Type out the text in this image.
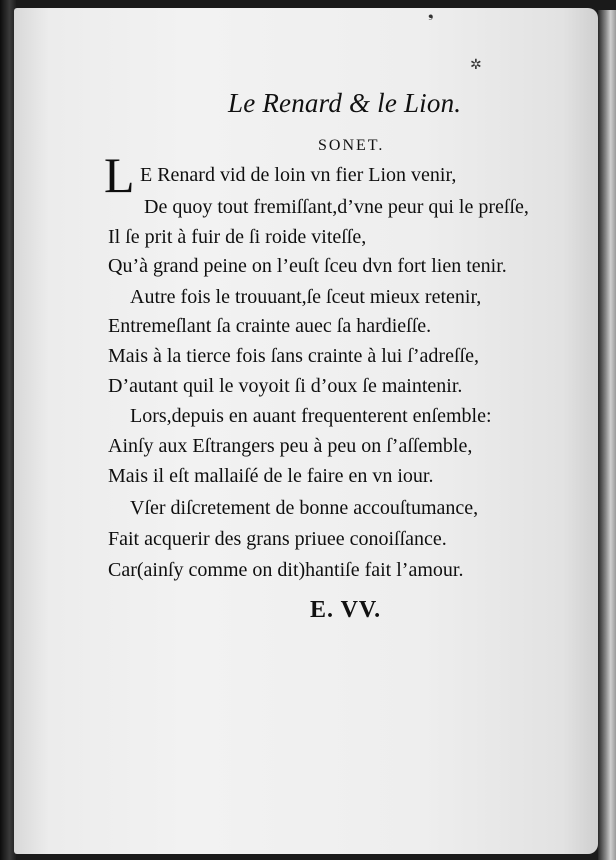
❟
✲
Le Renard & le Lion.
SONET.
L E Renard vid de loin vn fier Lion venir,
De quoy tout fremiſſant,d’vne peur qui le preſſe,
Il ſe prit à fuir de ſi roide viteſſe,
Qu’à grand peine on l’euſt ſceu dvn fort lien tenir.
Autre fois le trouuant,ſe ſceut mieux retenir,
Entremeſlant ſa crainte auec ſa hardieſſe.
Mais à la tierce fois ſans crainte à lui ſ’adreſſe,
D’autant quil le voyoit ſi d’oux ſe maintenir.
Lors,depuis en auant frequenterent enſemble:
Ainſy aux Eſtrangers peu à peu on ſ’aſſemble,
Mais il eſt mallaiſé de le faire en vn iour.
Vſer diſcretement de bonne accouſtumance,
Fait acquerir des grans priuee conoiſſance.
Car(ainſy comme on dit)hantiſe fait l’amour.
E. VV.
